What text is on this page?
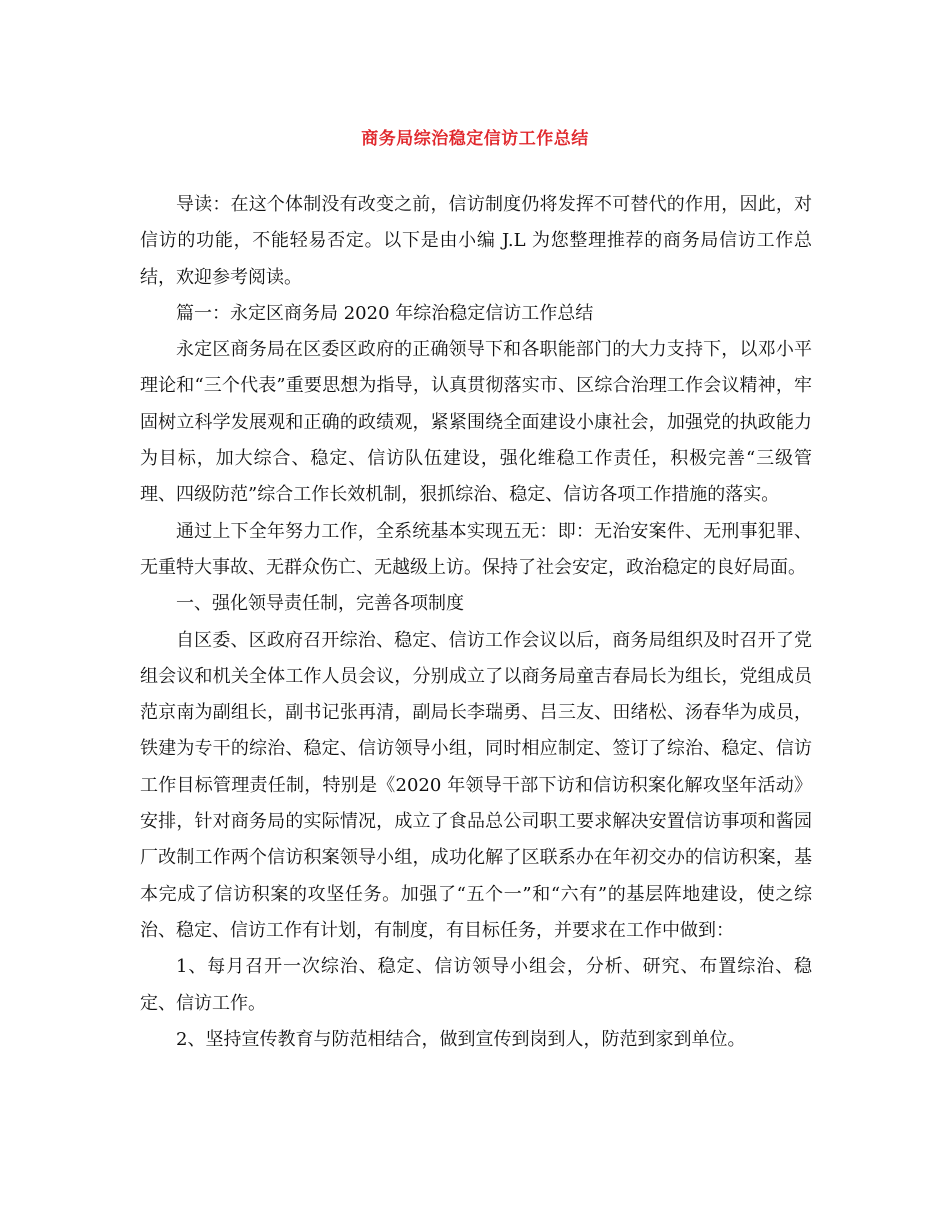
商务局综治稳定信访工作总结

导读：在这个体制没有改变之前，信访制度仍将发挥不可替代的作用，因此，对信访的功能，不能轻易否定。以下是由小编 J.L 为您整理推荐的商务局信访工作总结，欢迎参考阅读。

篇一：永定区商务局 2020 年综治稳定信访工作总结

永定区商务局在区委区政府的正确领导下和各职能部门的大力支持下，以邓小平理论和“三个代表”重要思想为指导，认真贯彻落实市、区综合治理工作会议精神，牢固树立科学发展观和正确的政绩观，紧紧围绕全面建设小康社会，加强党的执政能力为目标，加大综合、稳定、信访队伍建设，强化维稳工作责任，积极完善“三级管理、四级防范”综合工作长效机制，狠抓综治、稳定、信访各项工作措施的落实。

通过上下全年努力工作，全系统基本实现五无：即：无治安案件、无刑事犯罪、无重特大事故、无群众伤亡、无越级上访。保持了社会安定，政治稳定的良好局面。

一、强化领导责任制，完善各项制度

自区委、区政府召开综治、稳定、信访工作会议以后，商务局组织及时召开了党组会议和机关全体工作人员会议，分别成立了以商务局童吉春局长为组长，党组成员范京南为副组长，副书记张再清，副局长李瑞勇、吕三友、田绪松、汤春华为成员，铁建为专干的综治、稳定、信访领导小组，同时相应制定、签订了综治、稳定、信访工作目标管理责任制，特别是《2020 年领导干部下访和信访积案化解攻坚年活动》安排，针对商务局的实际情况，成立了食品总公司职工要求解决安置信访事项和酱园厂改制工作两个信访积案领导小组，成功化解了区联系办在年初交办的信访积案，基本完成了信访积案的攻坚任务。加强了“五个一”和“六有”的基层阵地建设，使之综治、稳定、信访工作有计划，有制度，有目标任务，并要求在工作中做到：

1、每月召开一次综治、稳定、信访领导小组会，分析、研究、布置综治、稳定、信访工作。

2、坚持宣传教育与防范相结合，做到宣传到岗到人，防范到家到单位。
